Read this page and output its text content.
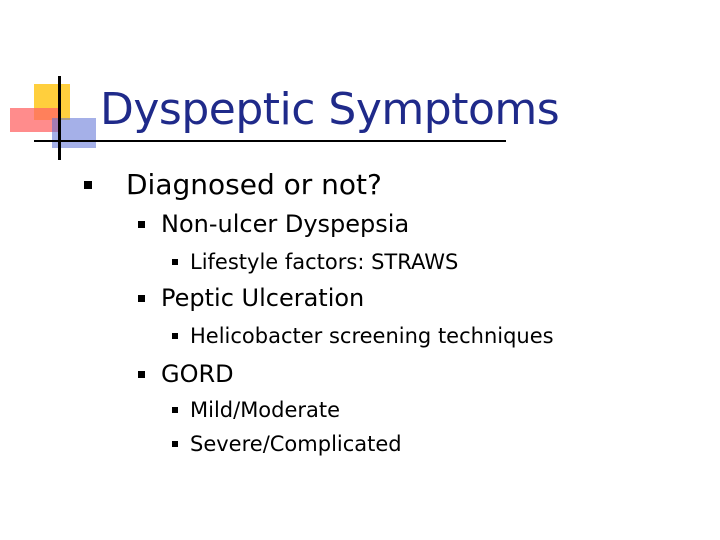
Dyspeptic Symptoms
Diagnosed or not?
Non-ulcer Dyspepsia
Lifestyle factors: STRAWS
Peptic Ulceration
Helicobacter screening techniques
GORD
Mild/Moderate
Severe/Complicated
